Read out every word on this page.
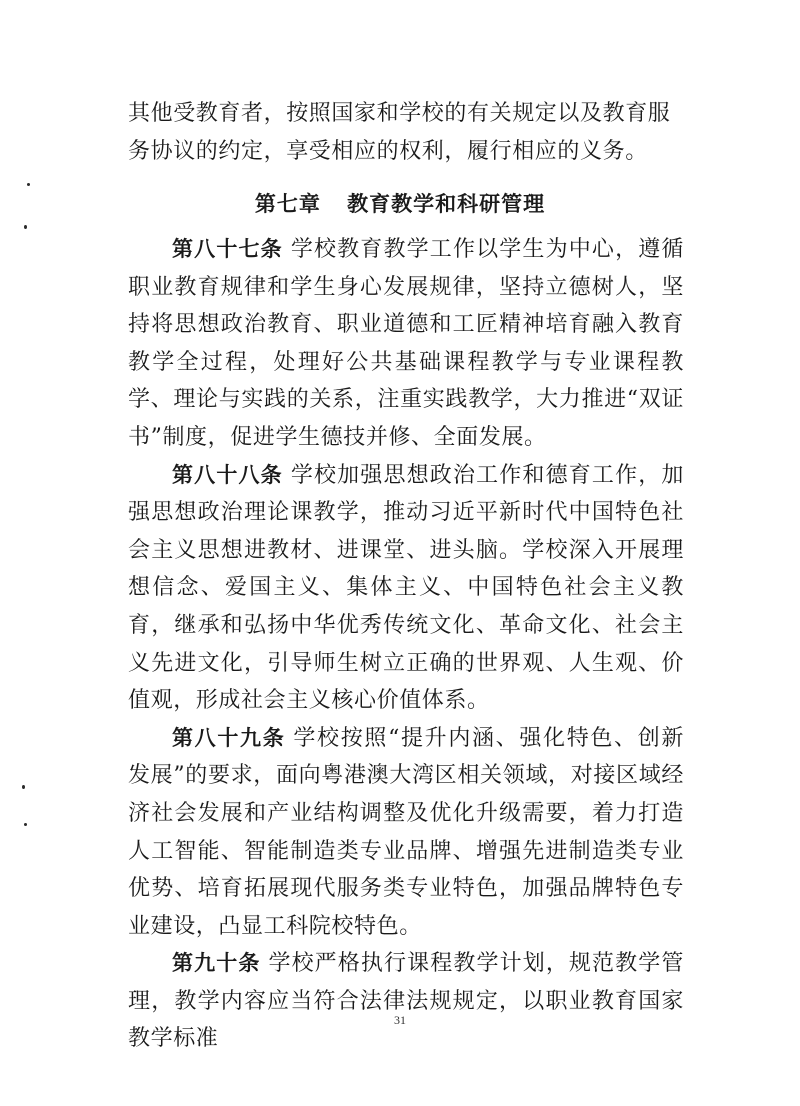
其他受教育者，按照国家和学校的有关规定以及教育服务协议的约定，享受相应的权利，履行相应的义务。

第七章 教育教学和科研管理

第八十七条 学校教育教学工作以学生为中心，遵循职业教育规律和学生身心发展规律，坚持立德树人，坚持将思想政治教育、职业道德和工匠精神培育融入教育教学全过程，处理好公共基础课程教学与专业课程教学、理论与实践的关系，注重实践教学，大力推进“双证书”制度，促进学生德技并修、全面发展。

第八十八条 学校加强思想政治工作和德育工作，加强思想政治理论课教学，推动习近平新时代中国特色社会主义思想进教材、进课堂、进头脑。学校深入开展理想信念、爱国主义、集体主义、中国特色社会主义教育，继承和弘扬中华优秀传统文化、革命文化、社会主义先进文化，引导师生树立正确的世界观、人生观、价值观，形成社会主义核心价值体系。

第八十九条 学校按照“提升内涵、强化特色、创新发展”的要求，面向粤港澳大湾区相关领域，对接区域经济社会发展和产业结构调整及优化升级需要，着力打造人工智能、智能制造类专业品牌、增强先进制造类专业优势、培育拓展现代服务类专业特色，加强品牌特色专业建设，凸显工科院校特色。

第九十条 学校严格执行课程教学计划，规范教学管理，教学内容应当符合法律法规规定，以职业教育国家教学标准

31
